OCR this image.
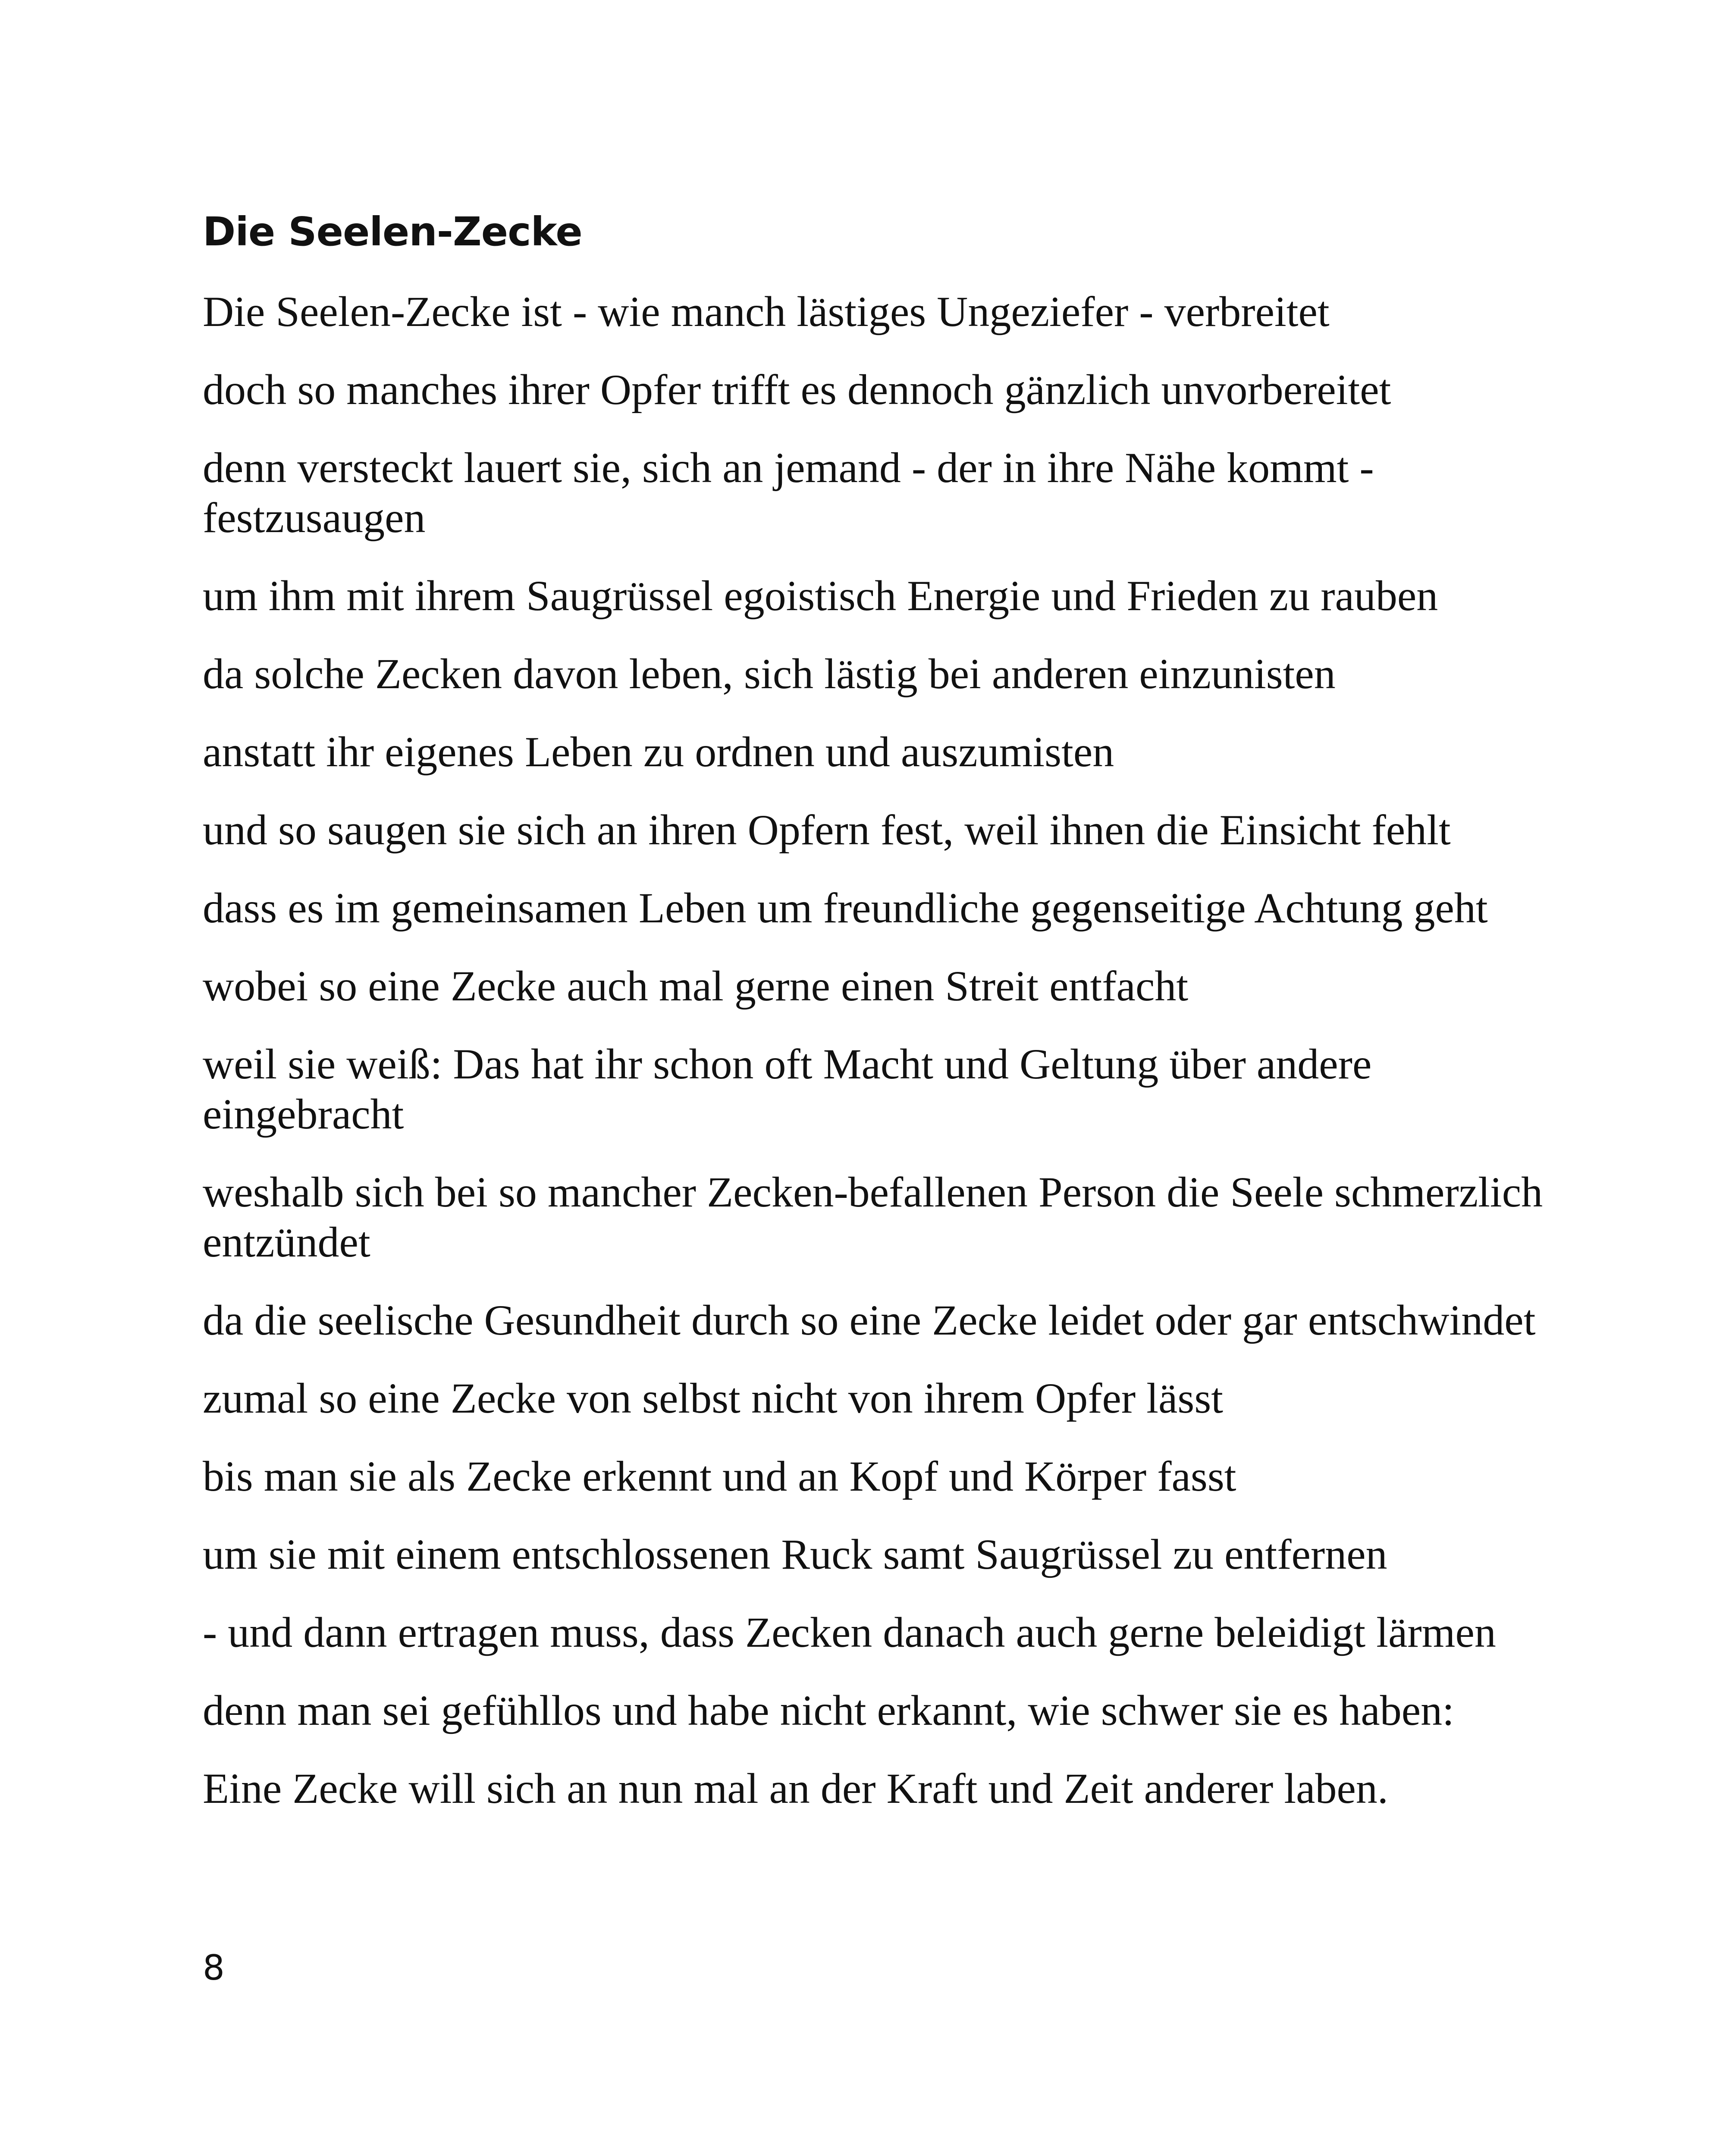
Die Seelen-Zecke
Die Seelen-Zecke ist - wie manch lästiges Ungeziefer - verbreitet
doch so manches ihrer Opfer trifft es dennoch gänzlich unvorbereitet
denn versteckt lauert sie, sich an jemand - der in ihre Nähe kommt - festzusaugen
um ihm mit ihrem Saugrüssel egoistisch Energie und Frieden zu rauben
da solche Zecken davon leben, sich lästig bei anderen einzunisten
anstatt ihr eigenes Leben zu ordnen und auszumisten
und so saugen sie sich an ihren Opfern fest, weil ihnen die Einsicht fehlt
dass es im gemeinsamen Leben um freundliche gegenseitige Achtung geht
wobei so eine Zecke auch mal gerne einen Streit entfacht
weil sie weiß: Das hat ihr schon oft Macht und Geltung über andere eingebracht
weshalb sich bei so mancher Zecken-befallenen Person die Seele schmerzlich entzündet
da die seelische Gesundheit durch so eine Zecke leidet oder gar entschwindet
zumal so eine Zecke von selbst nicht von ihrem Opfer lässt
bis man sie als Zecke erkennt und an Kopf und Körper fasst
um sie mit einem entschlossenen Ruck samt Saugrüssel zu entfernen
- und dann ertragen muss, dass Zecken danach auch gerne beleidigt lärmen
denn man sei gefühllos und habe nicht erkannt, wie schwer sie es haben:
Eine Zecke will sich an nun mal an der Kraft und Zeit anderer laben.
8
